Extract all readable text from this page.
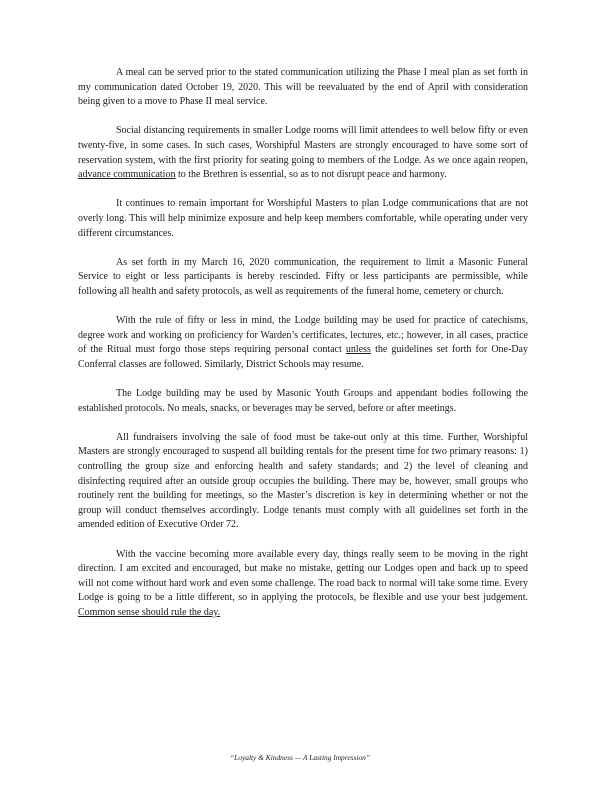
A meal can be served prior to the stated communication utilizing the Phase I meal plan as set forth in my communication dated October 19, 2020. This will be reevaluated by the end of April with consideration being given to a move to Phase II meal service.

Social distancing requirements in smaller Lodge rooms will limit attendees to well below fifty or even twenty-five, in some cases. In such cases, Worshipful Masters are strongly encouraged to have some sort of reservation system, with the first priority for seating going to members of the Lodge. As we once again reopen, advance communication to the Brethren is essential, so as to not disrupt peace and harmony.

It continues to remain important for Worshipful Masters to plan Lodge communications that are not overly long. This will help minimize exposure and help keep members comfortable, while operating under very different circumstances.

As set forth in my March 16, 2020 communication, the requirement to limit a Masonic Funeral Service to eight or less participants is hereby rescinded. Fifty or less participants are permissible, while following all health and safety protocols, as well as requirements of the funeral home, cemetery or church.

With the rule of fifty or less in mind, the Lodge building may be used for practice of catechisms, degree work and working on proficiency for Warden’s certificates, lectures, etc.; however, in all cases, practice of the Ritual must forgo those steps requiring personal contact unless the guidelines set forth for One-Day Conferral classes are followed. Similarly, District Schools may resume.

The Lodge building may be used by Masonic Youth Groups and appendant bodies following the established protocols. No meals, snacks, or beverages may be served, before or after meetings.

All fundraisers involving the sale of food must be take-out only at this time. Further, Worshipful Masters are strongly encouraged to suspend all building rentals for the present time for two primary reasons: 1) controlling the group size and enforcing health and safety standards; and 2) the level of cleaning and disinfecting required after an outside group occupies the building. There may be, however, small groups who routinely rent the building for meetings, so the Master’s discretion is key in determining whether or not the group will conduct themselves accordingly. Lodge tenants must comply with all guidelines set forth in the amended edition of Executive Order 72.

With the vaccine becoming more available every day, things really seem to be moving in the right direction. I am excited and encouraged, but make no mistake, getting our Lodges open and back up to speed will not come without hard work and even some challenge. The road back to normal will take some time. Every Lodge is going to be a little different, so in applying the protocols, be flexible and use your best judgement. Common sense should rule the day.

“Loyalty & Kindness — A Lasting Impression”
